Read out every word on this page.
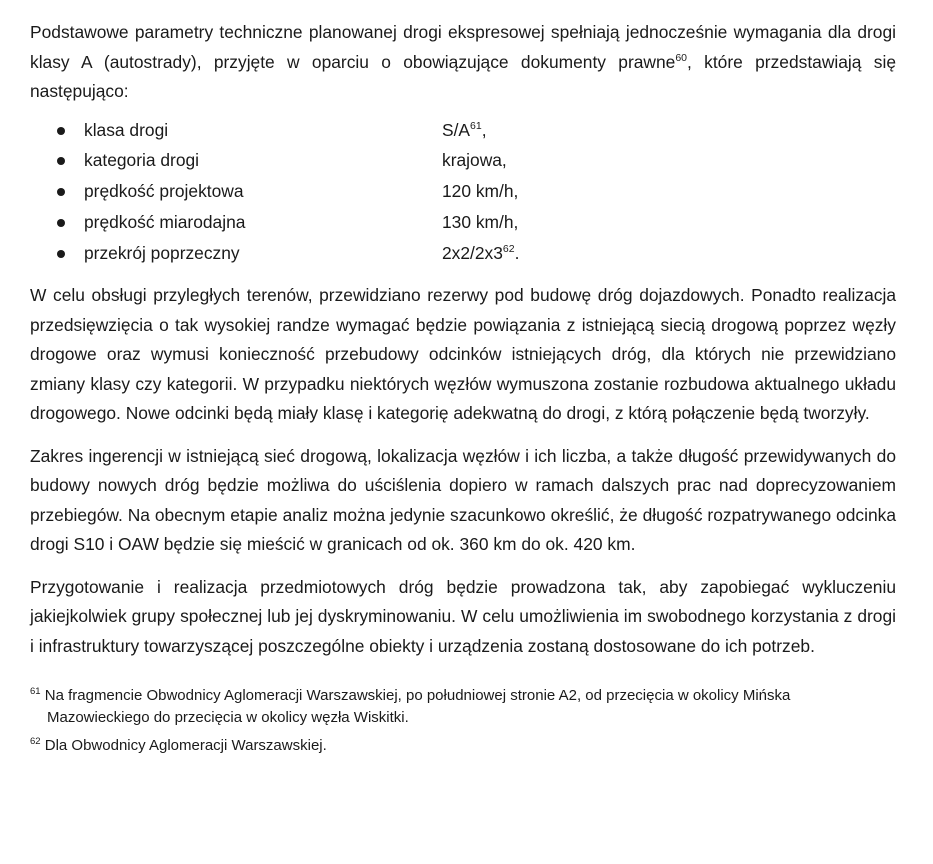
Podstawowe parametry techniczne planowanej drogi ekspresowej spełniają jednocześnie wymagania dla drogi klasy A (autostrady), przyjęte w oparciu o obowiązujące dokumenty prawne$^{60}$, które przedstawiają się następująco:

klasa drogi	$S/A^{61}$,
kategoria drogi	krajowa,
prędkość projektowa	120 km/h,
prędkość miarodajna	130 km/h,
przekrój poprzeczny	$2x2/2x3^{62}$.

W celu obsługi przyległych terenów, przewidziano rezerwy pod budowę dróg dojazdowych. Ponadto realizacja przedsięwzięcia o tak wysokiej randze wymagać będzie powiązania z istniejącą siecią drogową poprzez węzły drogowe oraz wymusi konieczność przebudowy odcinków istniejących dróg, dla których nie przewidziano zmiany klasy czy kategorii. W przypadku niektórych węzłów wymuszona zostanie rozbudowa aktualnego układu drogowego. Nowe odcinki będą miały klasę i kategorię adekwatną do drogi, z którą połączenie będą tworzyły.

Zakres ingerencji w istniejącą sieć drogową, lokalizacja węzłów i ich liczba, a także długość przewidywanych do budowy nowych dróg będzie możliwa do uściślenia dopiero w ramach dalszych prac nad doprecyzowaniem przebiegów. Na obecnym etapie analiz można jedynie szacunkowo określić, że długość rozpatrywanego odcinka drogi S10 i OAW będzie się mieścić w granicach od ok. 360 km do ok. 420 km.

Przygotowanie i realizacja przedmiotowych dróg będzie prowadzona tak, aby zapobiegać wykluczeniu jakiejkolwiek grupy społecznej lub jej dyskryminowaniu. W celu umożliwienia im swobodnego korzystania z drogi i infrastruktury towarzyszącej poszczególne obiekty i urządzenia zostaną dostosowane do ich potrzeb.

$^{61}$ Na fragmencie Obwodnicy Aglomeracji Warszawskiej, po południowej stronie A2, od przecięcia w okolicy Mińska Mazowieckiego do przecięcia w okolicy węzła Wiskitki.
$^{62}$ Dla Obwodnicy Aglomeracji Warszawskiej.
